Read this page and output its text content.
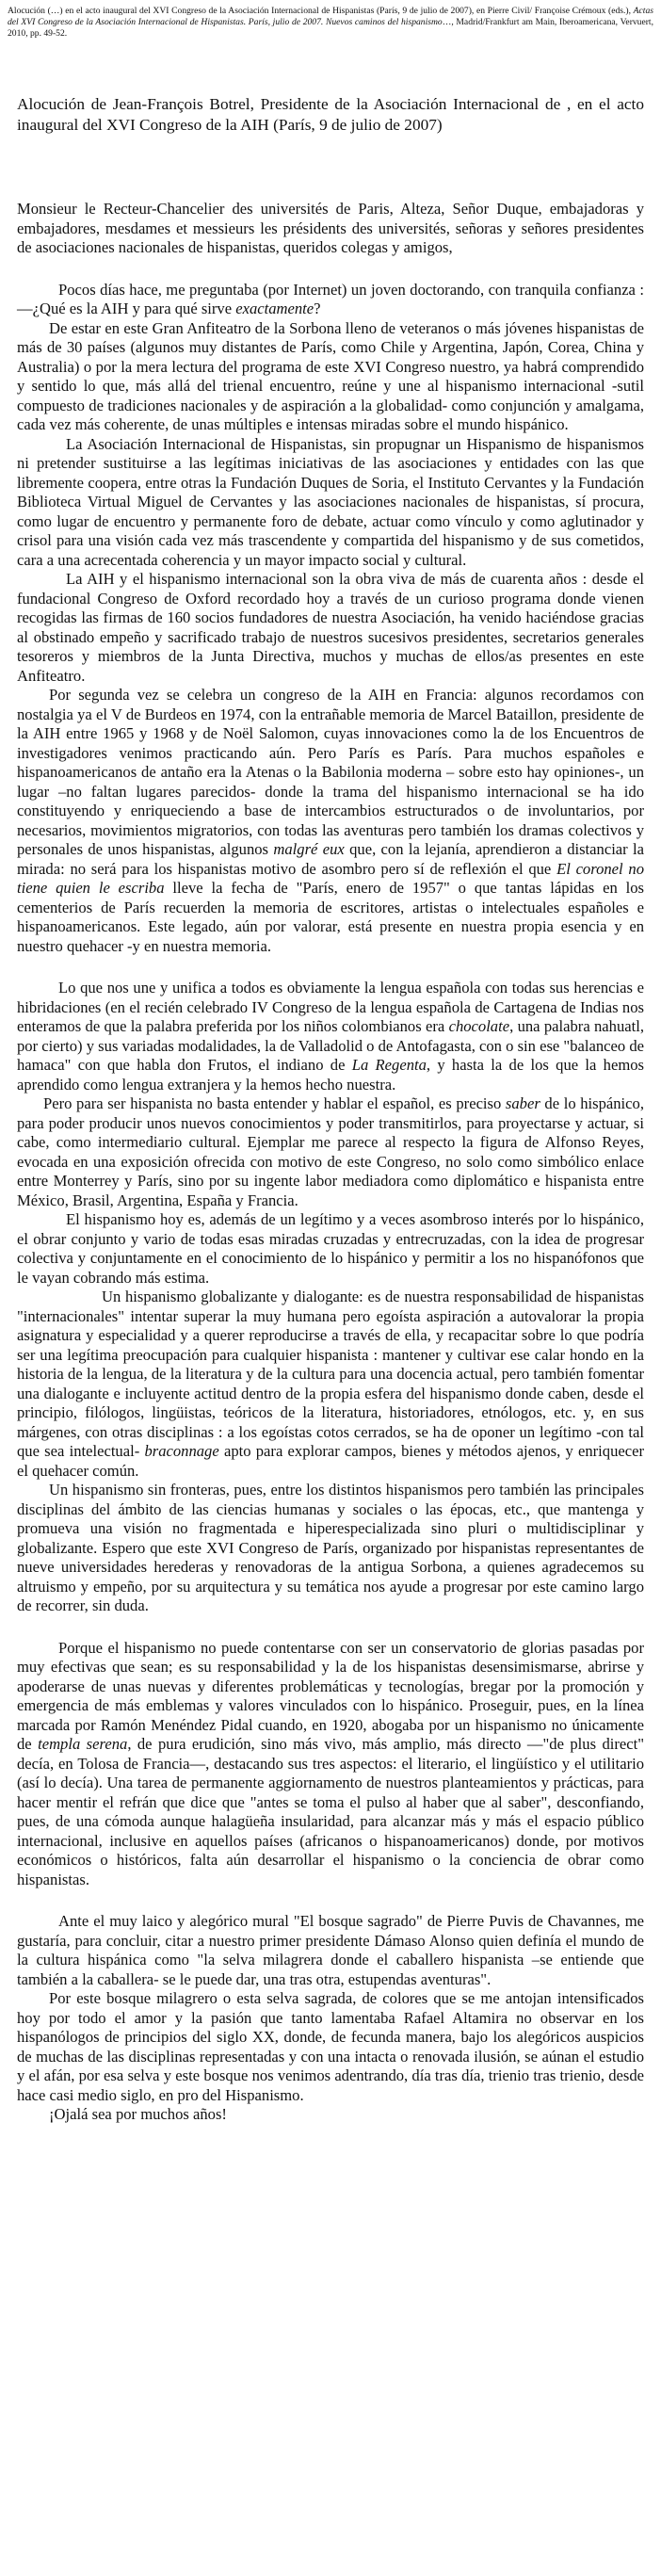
Alocución (…) en el acto inaugural del XVI Congreso de la Asociación Internacional de Hispanistas (París, 9 de julio de 2007), en Pierre Civil/ Françoise Crémoux (eds.), Actas del XVI Congreso de la Asociación Internacional de Hispanistas. París, julio de 2007. Nuevos caminos del hispanismo…, Madrid/Frankfurt am Main, Iberoamericana, Vervuert, 2010, pp. 49-52.
Alocución de Jean-François Botrel, Presidente de la Asociación Internacional de , en el acto inaugural del XVI Congreso de la AIH (París, 9 de julio de 2007)

Monsieur le Recteur-Chancelier des universités de Paris, Alteza, Señor Duque, embajadoras y embajadores, mesdames et messieurs les présidents des universités, señoras y señores presidentes de asociaciones nacionales de hispanistas, queridos colegas y amigos,

Pocos días hace, me preguntaba (por Internet) un joven doctorando, con tranquila confianza : —¿Qué es la AIH y para qué sirve exactamente?

De estar en este Gran Anfiteatro de la Sorbona lleno de veteranos o más jóvenes hispanistas de más de 30 países (algunos muy distantes de París, como Chile y Argentina, Japón, Corea, China y Australia) o por la mera lectura del programa de este XVI Congreso nuestro, ya habrá comprendido y sentido lo que, más allá del trienal encuentro, reúne y une al hispanismo internacional -sutil compuesto de tradiciones nacionales y de aspiración a la globalidad- como conjunción y amalgama, cada vez más coherente, de unas múltiples e intensas miradas sobre el mundo hispánico.

La Asociación Internacional de Hispanistas, sin propugnar un Hispanismo de hispanismos ni pretender sustituirse a las legítimas iniciativas de las asociaciones y entidades con las que libremente coopera, entre otras la Fundación Duques de Soria, el Instituto Cervantes y la Fundación Biblioteca Virtual Miguel de Cervantes y las asociaciones nacionales de hispanistas, sí procura, como lugar de encuentro y permanente foro de debate, actuar como vínculo y como aglutinador y crisol para una visión cada vez más trascendente y compartida del hispanismo y de sus cometidos, cara a una acrecentada coherencia y un mayor impacto social y cultural.

La AIH y el hispanismo internacional son la obra viva de más de cuarenta años : desde el fundacional Congreso de Oxford recordado hoy a través de un curioso programa donde vienen recogidas las firmas de 160 socios fundadores de nuestra Asociación, ha venido haciéndose gracias al obstinado empeño y sacrificado trabajo de nuestros sucesivos presidentes, secretarios generales tesoreros y miembros de la Junta Directiva, muchos y muchas de ellos/as presentes en este Anfiteatro.

Por segunda vez se celebra un congreso de la AIH en Francia: algunos recordamos con nostalgia ya el V de Burdeos en 1974, con la entrañable memoria de Marcel Bataillon, presidente de la AIH entre 1965 y 1968 y de Noël Salomon, cuyas innovaciones como la de los Encuentros de investigadores venimos practicando aún. Pero París es París. Para muchos españoles e hispanoamericanos de antaño era la Atenas o la Babilonia moderna – sobre esto hay opiniones-, un lugar –no faltan lugares parecidos- donde la trama del hispanismo internacional se ha ido constituyendo y enriqueciendo a base de intercambios estructurados o de involuntarios, por necesarios, movimientos migratorios, con todas las aventuras pero también los dramas colectivos y personales de unos hispanistas, algunos malgré eux que, con la lejanía, aprendieron a distanciar la mirada: no será para los hispanistas motivo de asombro pero sí de reflexión el que El coronel no tiene quien le escriba lleve la fecha de "París, enero de 1957" o que tantas lápidas en los cementerios de París recuerden la memoria de escritores, artistas o intelectuales españoles e hispanoamericanos. Este legado, aún por valorar, está presente en nuestra propia esencia y en nuestro quehacer -y en nuestra memoria.

Lo que nos une y unifica a todos es obviamente la lengua española con todas sus herencias e hibridaciones (en el recién celebrado IV Congreso de la lengua española de Cartagena de Indias nos enteramos de que la palabra preferida por los niños colombianos era chocolate, una palabra nahuatl, por cierto) y sus variadas modalidades, la de Valladolid o de Antofagasta, con o sin ese "balanceo de hamaca" con que habla don Frutos, el indiano de La Regenta, y hasta la de los que la hemos aprendido como lengua extranjera y la hemos hecho nuestra.

Pero para ser hispanista no basta entender y hablar el español, es preciso saber de lo hispánico, para poder producir unos nuevos conocimientos y poder transmitirlos, para proyectarse y actuar, si cabe, como intermediario cultural. Ejemplar me parece al respecto la figura de Alfonso Reyes, evocada en una exposición ofrecida con motivo de este Congreso, no solo como simbólico enlace entre Monterrey y París, sino por su ingente labor mediadora como diplomático e hispanista entre México, Brasil, Argentina, España y Francia.

El hispanismo hoy es, además de un legítimo y a veces asombroso interés por lo hispánico, el obrar conjunto y vario de todas esas miradas cruzadas y entrecruzadas, con la idea de progresar colectiva y conjuntamente en el conocimiento de lo hispánico y permitir a los no hispanófonos que le vayan cobrando más estima.

Un hispanismo globalizante y dialogante: es de nuestra responsabilidad de hispanistas "internacionales" intentar superar la muy humana pero egoísta aspiración a autovalorar la propia asignatura y especialidad y a querer reproducirse a través de ella, y recapacitar sobre lo que podría ser una legítima preocupación para cualquier hispanista : mantener y cultivar ese calar hondo en la historia de la lengua, de la literatura y de la cultura para una docencia actual, pero también fomentar una dialogante e incluyente actitud dentro de la propia esfera del hispanismo donde caben, desde el principio, filólogos, lingüistas, teóricos de la literatura, historiadores, etnólogos, etc. y, en sus márgenes, con otras disciplinas : a los egoístas cotos cerrados, se ha de oponer un legítimo -con tal que sea intelectual- braconnage apto para explorar campos, bienes y métodos ajenos, y enriquecer el quehacer común.

Un hispanismo sin fronteras, pues, entre los distintos hispanismos pero también las principales disciplinas del ámbito de las ciencias humanas y sociales o las épocas, etc., que mantenga y promueva una visión no fragmentada e hiperespecializada sino pluri o multidisciplinar y globalizante. Espero que este XVI Congreso de París, organizado por hispanistas representantes de nueve universidades herederas y renovadoras de la antigua Sorbona, a quienes agradecemos su altruismo y empeño, por su arquitectura y su temática nos ayude a progresar por este camino largo de recorrer, sin duda.

Porque el hispanismo no puede contentarse con ser un conservatorio de glorias pasadas por muy efectivas que sean; es su responsabilidad y la de los hispanistas desensimismarse, abrirse y apoderarse de unas nuevas y diferentes problemáticas y tecnologías, bregar por la promoción y emergencia de más emblemas y valores vinculados con lo hispánico. Proseguir, pues, en la línea marcada por Ramón Menéndez Pidal cuando, en 1920, abogaba por un hispanismo no únicamente de templa serena, de pura erudición, sino más vivo, más amplio, más directo —"de plus direct" decía, en Tolosa de Francia—, destacando sus tres aspectos: el literario, el lingüístico y el utilitario (así lo decía). Una tarea de permanente aggiornamento de nuestros planteamientos y prácticas, para hacer mentir el refrán que dice que "antes se toma el pulso al haber que al saber", desconfiando, pues, de una cómoda aunque halagüeña insularidad, para alcanzar más y más el espacio público internacional, inclusive en aquellos países (africanos o hispanoamericanos) donde, por motivos económicos o históricos, falta aún desarrollar el hispanismo o la conciencia de obrar como hispanistas.

Ante el muy laico y alegórico mural "El bosque sagrado" de Pierre Puvis de Chavannes, me gustaría, para concluir, citar a nuestro primer presidente Dámaso Alonso quien definía el mundo de la cultura hispánica como "la selva milagrera donde el caballero hispanista –se entiende que también a la caballera- se le puede dar, una tras otra, estupendas aventuras".

Por este bosque milagrero o esta selva sagrada, de colores que se me antojan intensificados hoy por todo el amor y la pasión que tanto lamentaba Rafael Altamira no observar en los hispanólogos de principios del siglo XX, donde, de fecunda manera, bajo los alegóricos auspicios de muchas de las disciplinas representadas y con una intacta o renovada ilusión, se aúnan el estudio y el afán, por esa selva y este bosque nos venimos adentrando, día tras día, trienio tras trienio, desde hace casi medio siglo, en pro del Hispanismo.

¡Ojalá sea por muchos años!
